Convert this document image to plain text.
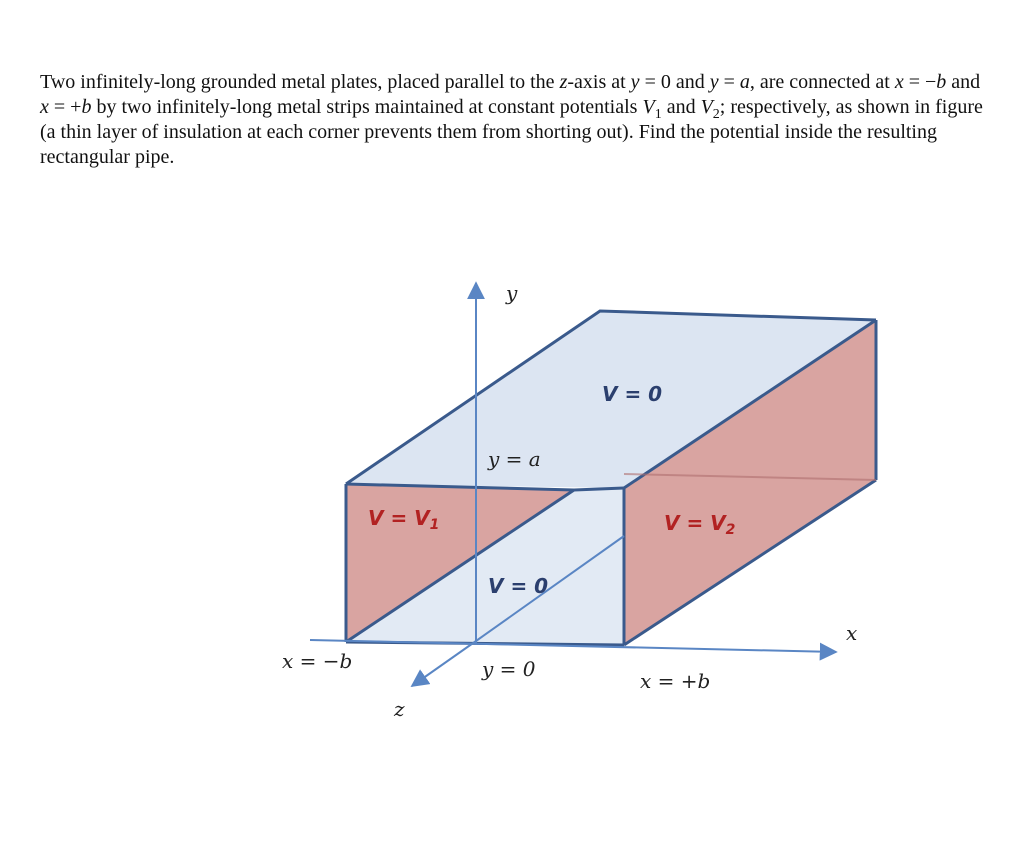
Two infinitely-long grounded metal plates, placed parallel to the z-axis at y = 0 and y = a, are connected at x = −b and x = +b by two infinitely-long metal strips maintained at constant potentials $V_1$ and $V_2$; respectively, as shown in figure (a thin layer of insulation at each corner prevents them from shorting out). Find the potential inside the resulting rectangular pipe.
y
x
z
V = 0
y = a
$V = V_1$	$V = V_2$
V = 0
x = −b	y = 0	x = +b
